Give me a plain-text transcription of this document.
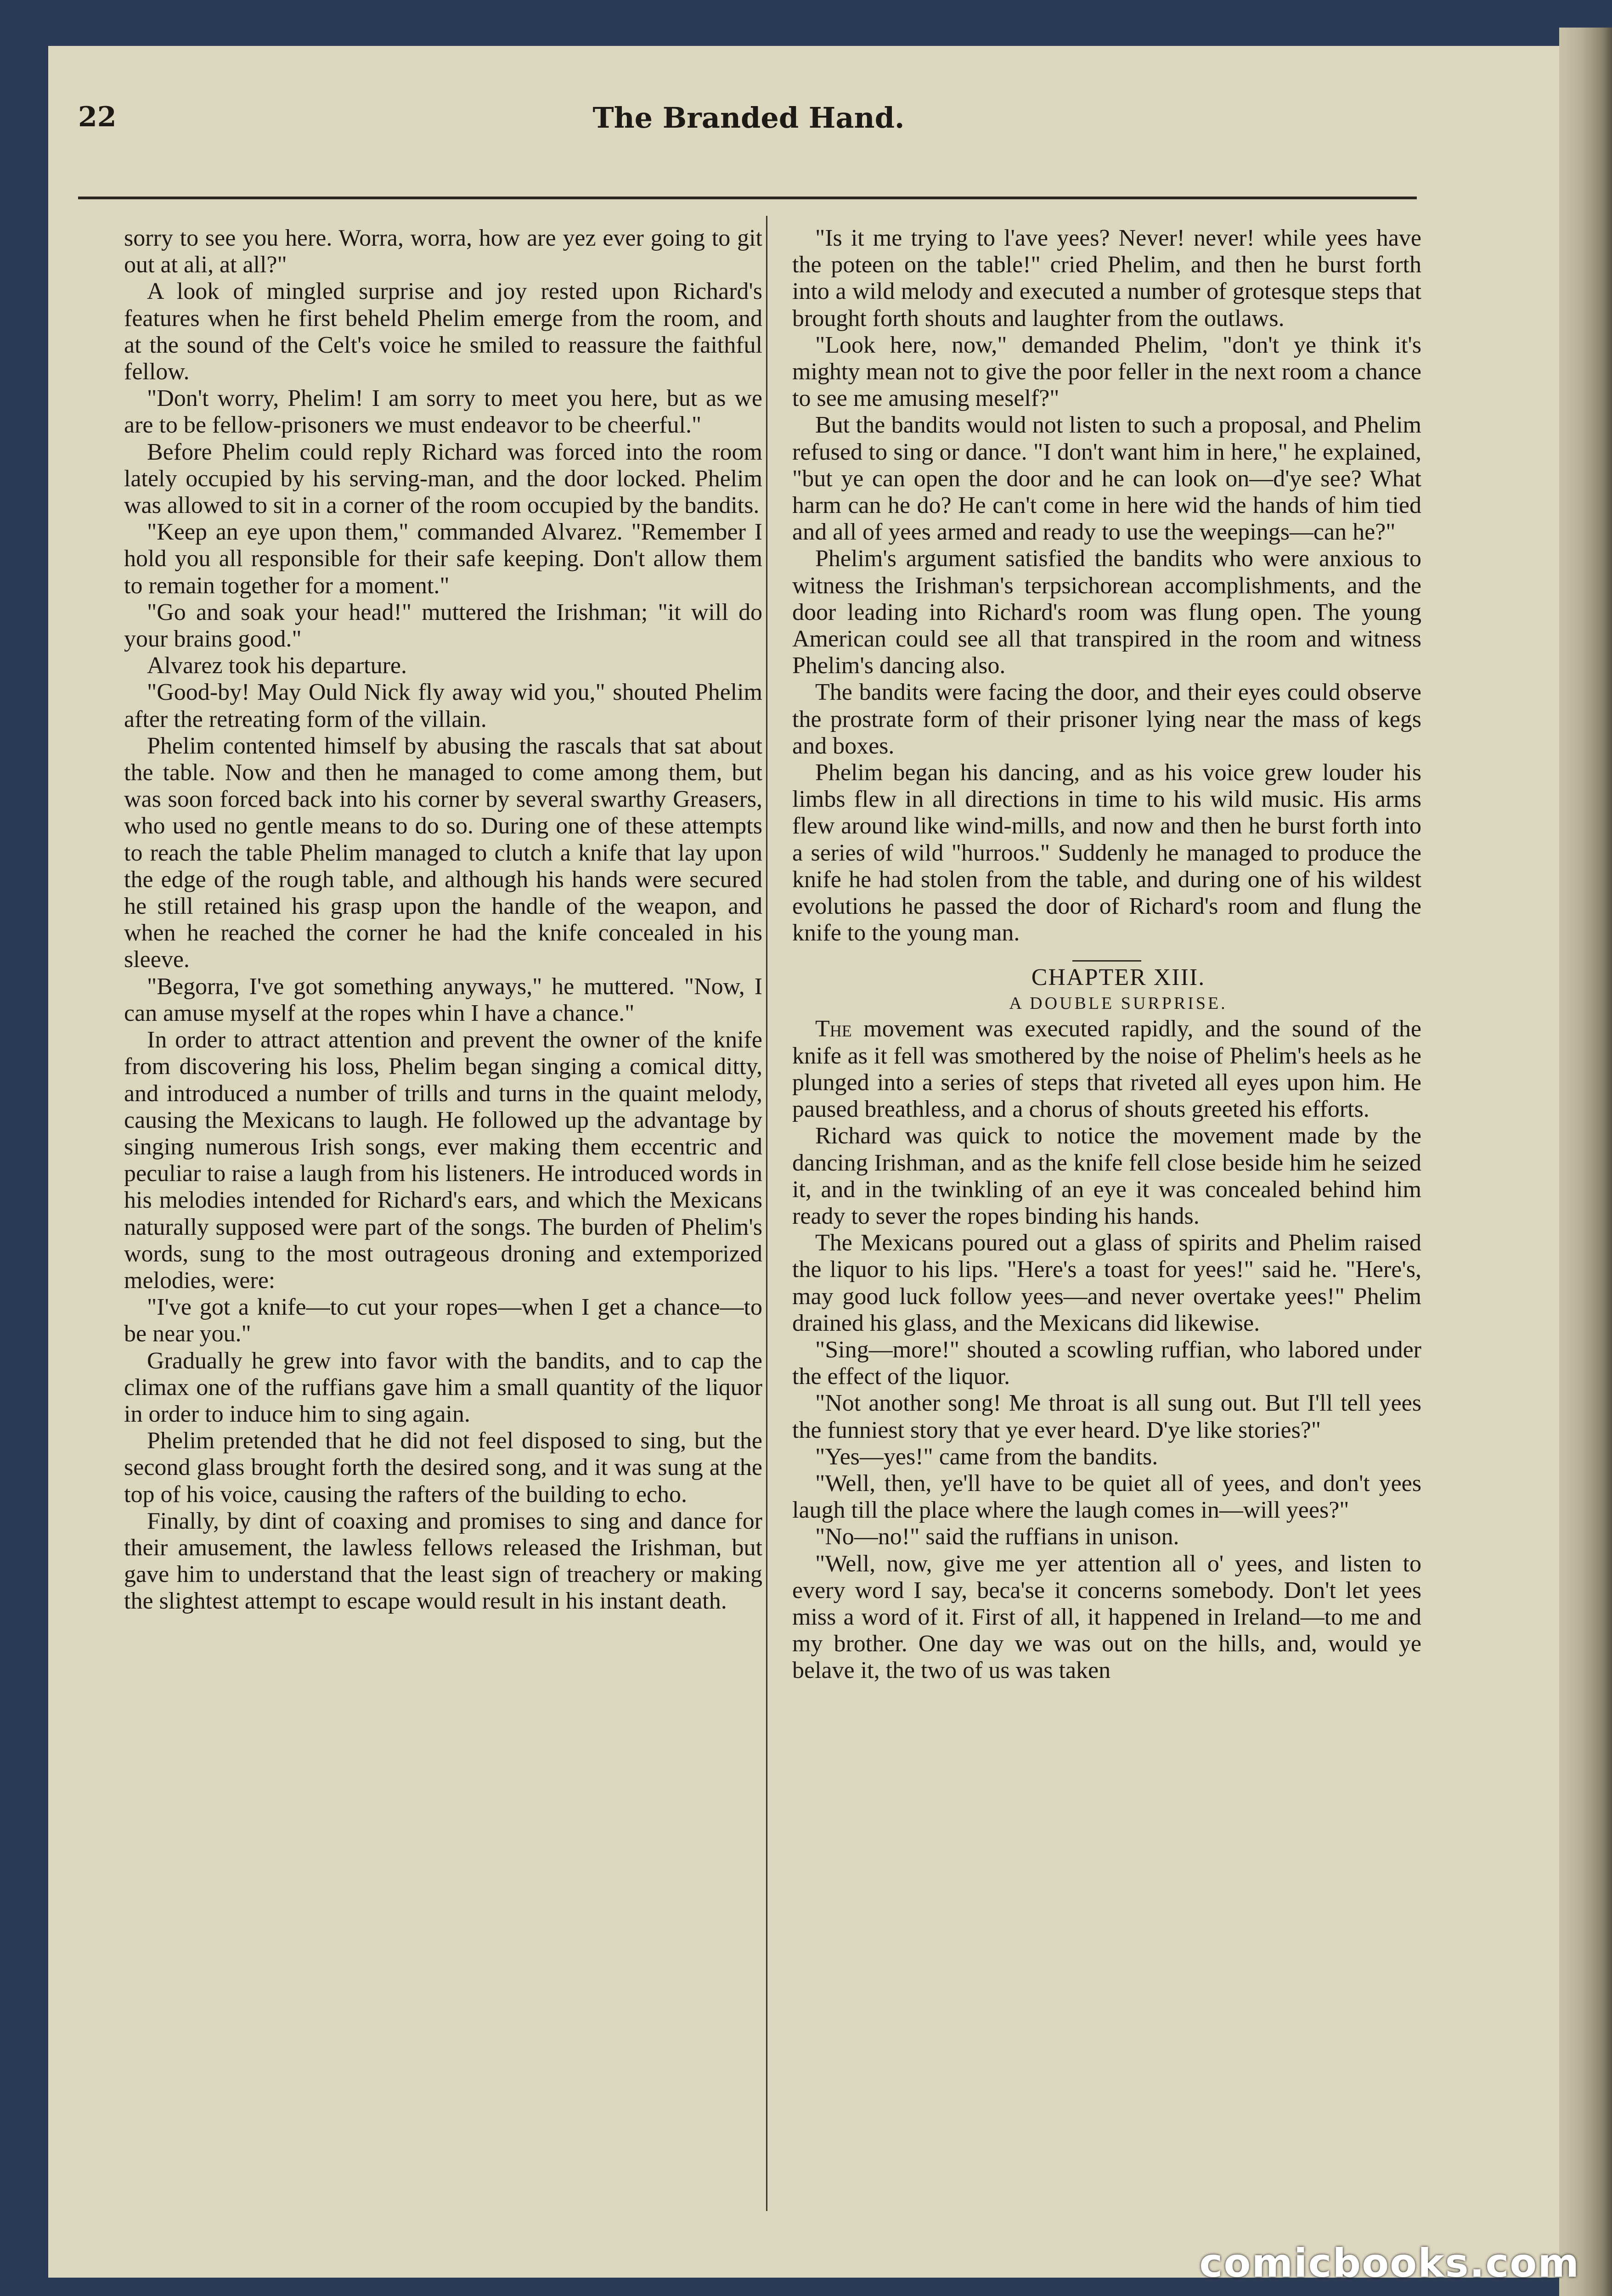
22	The Branded Hand.

sorry to see you here. Worra, worra, how are yez ever going to git out at ali, at all?"

A look of mingled surprise and joy rested upon Richard's features when he first beheld Phelim emerge from the room, and at the sound of the Celt's voice he smiled to reassure the faithful fellow.

"Don't worry, Phelim! I am sorry to meet you here, but as we are to be fellow-prisoners we must endeavor to be cheerful."

Before Phelim could reply Richard was forced into the room lately occupied by his serving-man, and the door locked. Phelim was allowed to sit in a corner of the room occupied by the bandits.

"Keep an eye upon them," commanded Alvarez. "Remember I hold you all responsible for their safe keeping. Don't allow them to remain together for a moment."

"Go and soak your head!" muttered the Irishman; "it will do your brains good."

Alvarez took his departure.

"Good-by! May Ould Nick fly away wid you," shouted Phelim after the retreating form of the villain.

Phelim contented himself by abusing the rascals that sat about the table. Now and then he managed to come among them, but was soon forced back into his corner by several swarthy Greasers, who used no gentle means to do so. During one of these attempts to reach the table Phelim managed to clutch a knife that lay upon the edge of the rough table, and although his hands were secured he still retained his grasp upon the handle of the weapon, and when he reached the corner he had the knife concealed in his sleeve.

"Begorra, I've got something anyways," he muttered. "Now, I can amuse myself at the ropes whin I have a chance."

In order to attract attention and prevent the owner of the knife from discovering his loss, Phelim began singing a comical ditty, and introduced a number of trills and turns in the quaint melody, causing the Mexicans to laugh. He followed up the advantage by singing numerous Irish songs, ever making them eccentric and peculiar to raise a laugh from his listeners. He introduced words in his melodies intended for Richard's ears, and which the Mexicans naturally supposed were part of the songs. The burden of Phelim's words, sung to the most outrageous droning and extemporized melodies, were:

"I've got a knife—to cut your ropes—when I get a chance—to be near you."

Gradually he grew into favor with the bandits, and to cap the climax one of the ruffians gave him a small quantity of the liquor in order to induce him to sing again.

Phelim pretended that he did not feel disposed to sing, but the second glass brought forth the desired song, and it was sung at the top of his voice, causing the rafters of the building to echo.

Finally, by dint of coaxing and promises to sing and dance for their amusement, the lawless fellows released the Irishman, but gave him to understand that the least sign of treachery or making the slightest attempt to escape would result in his instant death.

"Is it me trying to l'ave yees? Never! never! while yees have the poteen on the table!" cried Phelim, and then he burst forth into a wild melody and executed a number of grotesque steps that brought forth shouts and laughter from the outlaws.

"Look here, now," demanded Phelim, "don't ye think it's mighty mean not to give the poor feller in the next room a chance to see me amusing meself?"

But the bandits would not listen to such a proposal, and Phelim refused to sing or dance. "I don't want him in here," he explained, "but ye can open the door and he can look on—d'ye see? What harm can he do? He can't come in here wid the hands of him tied and all of yees armed and ready to use the weepings—can he?"

Phelim's argument satisfied the bandits who were anxious to witness the Irishman's terpsichorean accomplishments, and the door leading into Richard's room was flung open. The young American could see all that transpired in the room and witness Phelim's dancing also.

The bandits were facing the door, and their eyes could observe the prostrate form of their prisoner lying near the mass of kegs and boxes.

Phelim began his dancing, and as his voice grew louder his limbs flew in all directions in time to his wild music. His arms flew around like wind-mills, and now and then he burst forth into a series of wild "hurroos." Suddenly he managed to produce the knife he had stolen from the table, and during one of his wildest evolutions he passed the door of Richard's room and flung the knife to the young man.

CHAPTER XIII.

A DOUBLE SURPRISE.

The movement was executed rapidly, and the sound of the knife as it fell was smothered by the noise of Phelim's heels as he plunged into a series of steps that riveted all eyes upon him. He paused breathless, and a chorus of shouts greeted his efforts.

Richard was quick to notice the movement made by the dancing Irishman, and as the knife fell close beside him he seized it, and in the twinkling of an eye it was concealed behind him ready to sever the ropes binding his hands.

The Mexicans poured out a glass of spirits and Phelim raised the liquor to his lips. "Here's a toast for yees!" said he. "Here's, may good luck follow yees—and never overtake yees!" Phelim drained his glass, and the Mexicans did likewise.

"Sing—more!" shouted a scowling ruffian, who labored under the effect of the liquor.

"Not another song! Me throat is all sung out. But I'll tell yees the funniest story that ye ever heard. D'ye like stories?"

"Yes—yes!" came from the bandits.

"Well, then, ye'll have to be quiet all of yees, and don't yees laugh till the place where the laugh comes in—will yees?"

"No—no!" said the ruffians in unison.

"Well, now, give me yer attention all o' yees, and listen to every word I say, beca'se it concerns somebody. Don't let yees miss a word of it. First of all, it happened in Ireland—to me and my brother. One day we was out on the hills, and, would ye belave it, the two of us was taken

comicbooks.com
